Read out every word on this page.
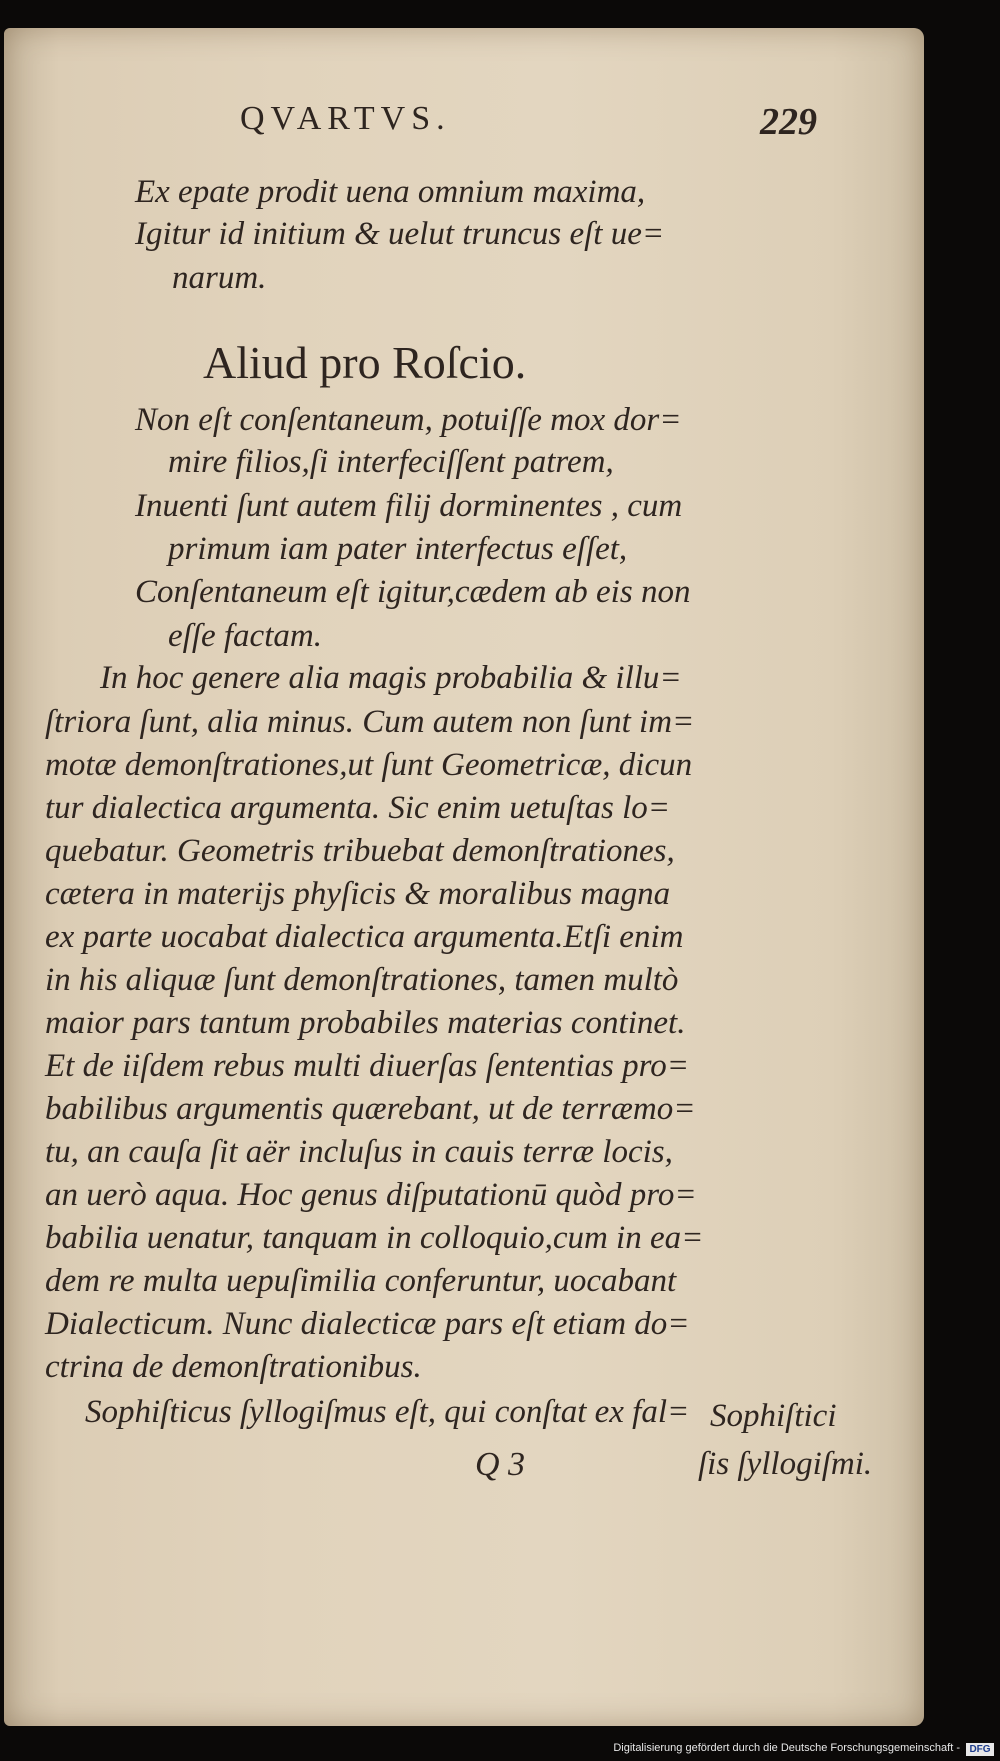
QVARTVS.	229
Ex epate prodit uena omnium maxima,
Igitur id initium & uelut truncus eſt ue=
narum.
Aliud pro Roſcio.
Non eſt conſentaneum, potuiſſe mox dor=
mire filios,ſi interfeciſſent patrem,
Inuenti ſunt autem filij dorminentes , cum
primum iam pater interfectus eſſet,
Conſentaneum eſt igitur,cædem ab eis non
eſſe factam.
In hoc genere alia magis probabilia & illu=
ſtriora ſunt, alia minus. Cum autem non ſunt im=
motæ demonſtrationes,ut ſunt Geometricæ, dicun
tur dialectica argumenta. Sic enim uetuſtas lo=
quebatur. Geometris tribuebat demonſtrationes,
cætera in materijs phyſicis & moralibus magna
ex parte uocabat dialectica argumenta.Etſi enim
in his aliquæ ſunt demonſtrationes, tamen multò
maior pars tantum probabiles materias continet.
Et de iiſdem rebus multi diuerſas ſententias pro=
babilibus argumentis quærebant, ut de terræmo=
tu, an cauſa ſit aër incluſus in cauis terræ locis,
an uerò aqua. Hoc genus diſputationū quòd pro=
babilia uenatur, tanquam in colloquio,cum in ea=
dem re multa uериſimilia conferuntur, uocabant
Dialecticum. Nunc dialecticæ pars eſt etiam do=
ctrina de demonſtrationibus.
Sophiſticus ſyllogiſmus eſt, qui conſtat ex fal= Sophiſtici
ſis ſyllogiſmi.
Q 3
Digitalisierung gefördert durch die Deutsche Forschungsgemeinschaft - DFG
